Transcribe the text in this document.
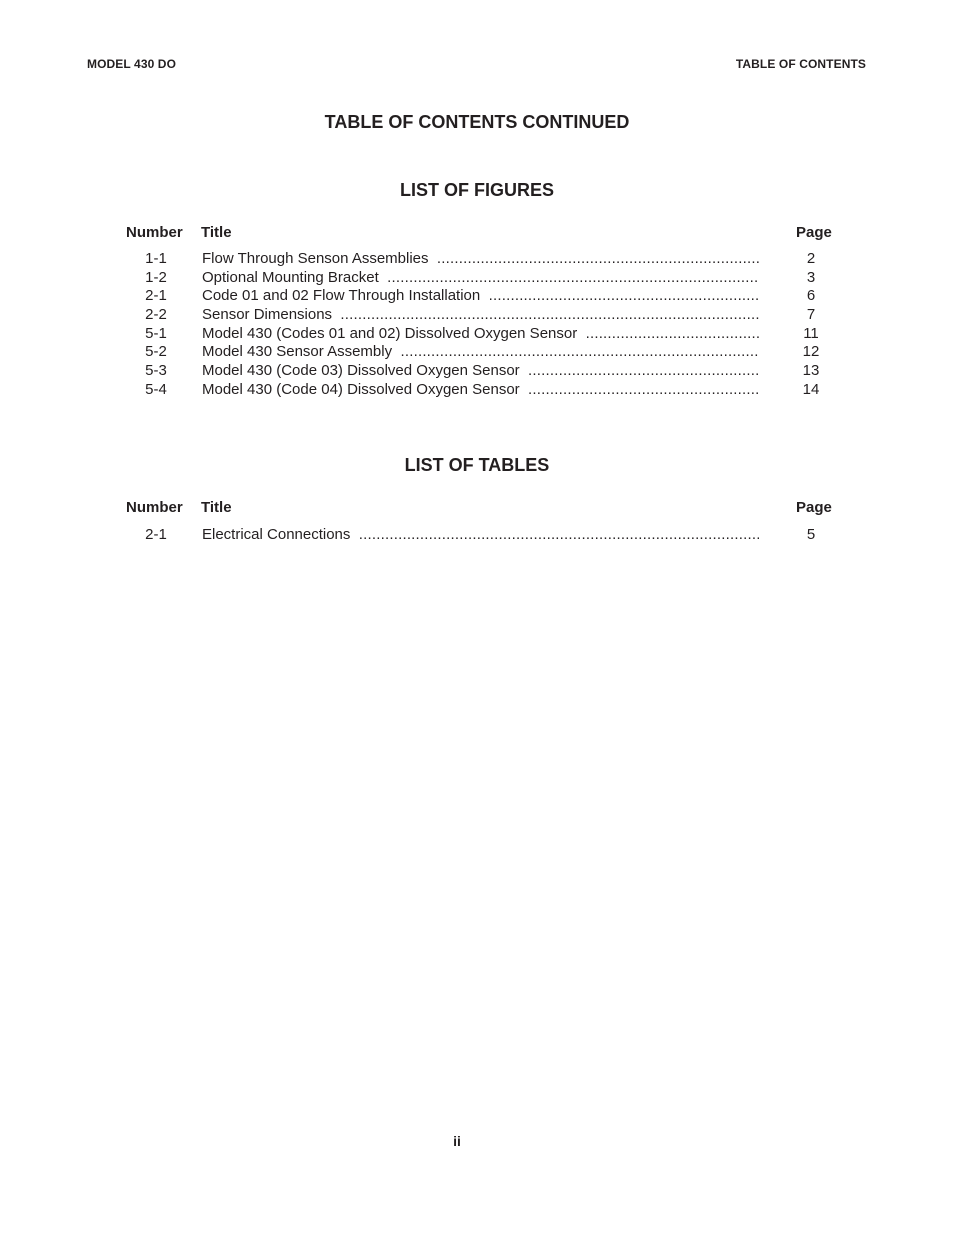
MODEL 430 DO	TABLE OF CONTENTS
TABLE OF CONTENTS CONTINUED
LIST OF FIGURES
Number Title	Page
1-1	Flow Through Senson Assemblies .....	2
1-2	Optional Mounting Bracket .....	3
2-1	Code 01 and 02 Flow Through Installation .....	6
2-2	Sensor Dimensions .....	7
5-1	Model 430 (Codes 01 and 02) Dissolved Oxygen Sensor .....	11
5-2	Model 430 Sensor Assembly .....	12
5-3	Model 430 (Code 03) Dissolved Oxygen Sensor .....	13
5-4	Model 430 (Code 04) Dissolved Oxygen Sensor .....	14
LIST OF TABLES
Number Title	Page
2-1	Electrical Connections .....	5
ii
